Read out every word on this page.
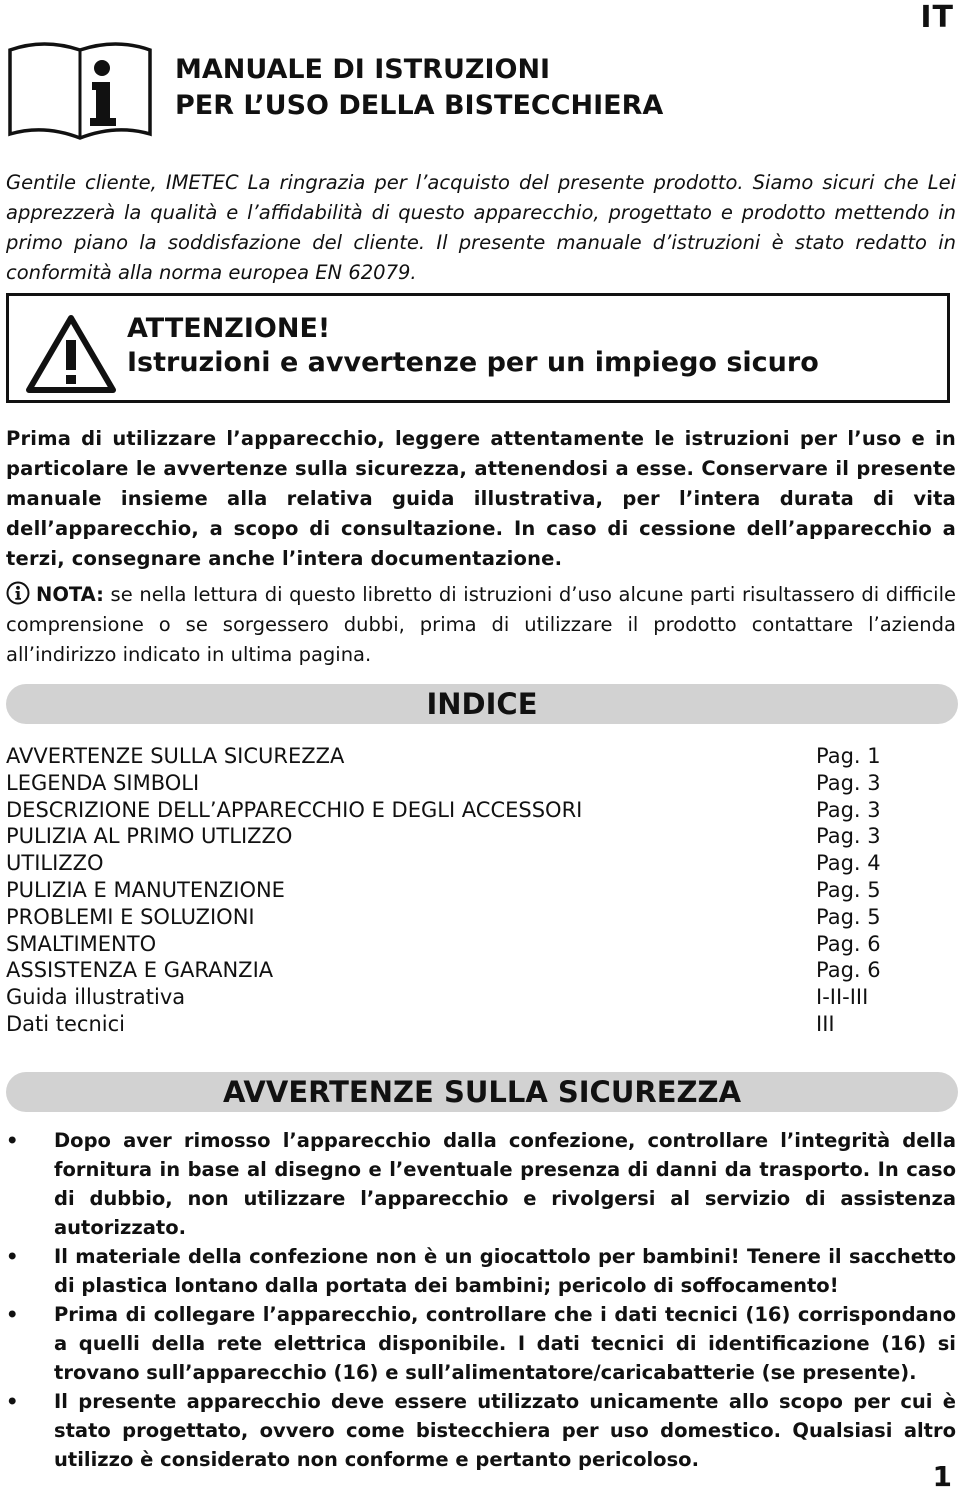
IT
MANUALE DI ISTRUZIONI
PER L’USO DELLA BISTECCHIERA
Gentile cliente, IMETEC La ringrazia per l’acquisto del presente prodotto. Siamo sicuri che Lei apprezzerà la qualità e l’affidabilità di questo apparecchio, progettato e prodotto mettendo in primo piano la soddisfazione del cliente. Il presente manuale d’istruzioni è stato redatto in conformità alla norma europea EN 62079.
ATTENZIONE!
Istruzioni e avvertenze per un impiego sicuro
Prima di utilizzare l’apparecchio, leggere attentamente le istruzioni per l’uso e in particolare le avvertenze sulla sicurezza, attenendosi a esse. Conservare il presente manuale insieme alla relativa guida illustrativa, per l’intera durata di vita dell’apparecchio, a scopo di consultazione. In caso di cessione dell’apparecchio a terzi, consegnare anche l’intera documentazione.
NOTA: se nella lettura di questo libretto di istruzioni d’uso alcune parti risultassero di difficile comprensione o se sorgessero dubbi, prima di utilizzare il prodotto contattare l’azienda all’indirizzo indicato in ultima pagina.
INDICE
AVVERTENZE SULLA SICUREZZA	Pag. 1
LEGENDA SIMBOLI	Pag. 3
DESCRIZIONE DELL’APPARECCHIO E DEGLI ACCESSORI	Pag. 3
PULIZIA AL PRIMO UTLIZZO	Pag. 3
UTILIZZO	Pag. 4
PULIZIA E MANUTENZIONE	Pag. 5
PROBLEMI E SOLUZIONI	Pag. 5
SMALTIMENTO	Pag. 6
ASSISTENZA E GARANZIA	Pag. 6
Guida illustrativa	I-II-III
Dati tecnici	III
AVVERTENZE SULLA SICUREZZA
• Dopo aver rimosso l’apparecchio dalla confezione, controllare l’integrità della fornitura in base al disegno e l’eventuale presenza di danni da trasporto. In caso di dubbio, non utilizzare l’apparecchio e rivolgersi al servizio di assistenza autorizzato.
• Il materiale della confezione non è un giocattolo per bambini! Tenere il sacchetto di plastica lontano dalla portata dei bambini; pericolo di soffocamento!
• Prima di collegare l’apparecchio, controllare che i dati tecnici (16) corrispondano a quelli della rete elettrica disponibile. I dati tecnici di identificazione (16) si trovano sull’apparecchio (16) e sull’alimentatore/caricabatterie (se presente).
• Il presente apparecchio deve essere utilizzato unicamente allo scopo per cui è stato progettato, ovvero come bistecchiera per uso domestico. Qualsiasi altro utilizzo è considerato non conforme e pertanto pericoloso.
1
